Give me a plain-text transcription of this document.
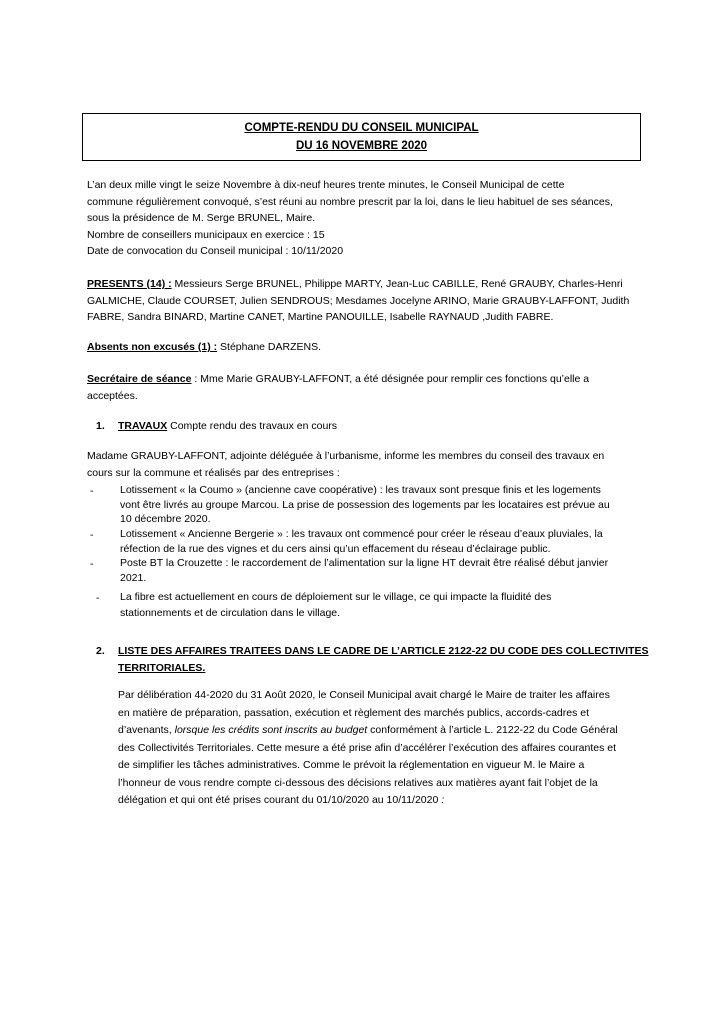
COMPTE-RENDU DU CONSEIL MUNICIPAL
DU 16 NOVEMBRE 2020
L’an deux mille vingt le seize Novembre à dix-neuf heures trente minutes, le Conseil Municipal de cette
commune régulièrement convoqué, s’est réuni au nombre prescrit par la loi, dans le lieu habituel de ses séances,
sous la présidence de M. Serge BRUNEL, Maire.
Nombre de conseillers municipaux en exercice : 15
Date de convocation du Conseil municipal : 10/11/2020
PRESENTS (14) : Messieurs Serge BRUNEL, Philippe MARTY, Jean-Luc CABILLE, René GRAUBY, Charles-Henri
GALMICHE, Claude COURSET, Julien SENDROUS; Mesdames Jocelyne ARINO, Marie GRAUBY-LAFFONT, Judith
FABRE, Sandra BINARD, Martine CANET, Martine PANOUILLE, Isabelle RAYNAUD ,Judith FABRE.
Absents non excusés (1) : Stéphane DARZENS.
Secrétaire de séance : Mme Marie GRAUBY-LAFFONT, a été désignée pour remplir ces fonctions qu’elle a
acceptées.
1. TRAVAUX Compte rendu des travaux en cours
Madame GRAUBY-LAFFONT, adjointe déléguée à l’urbanisme, informe les membres du conseil des travaux en
cours sur la commune et réalisés par des entreprises :
-	Lotissement « la Coumo » (ancienne cave coopérative) : les travaux sont presque finis et les logements
vont être livrés au groupe Marcou. La prise de possession des logements par les locataires est prévue au
10 décembre 2020.
-	Lotissement « Ancienne Bergerie » : les travaux ont commencé pour créer le réseau d’eaux pluviales, la
réfection de la rue des vignes et du cers ainsi qu’un effacement du réseau d’éclairage public.
-	Poste BT la Crouzette : le raccordement de l’alimentation sur la ligne HT devrait être réalisé début janvier
2021.
- La fibre est actuellement en cours de déploiement sur le village, ce qui impacte la fluidité des
stationnements et de circulation dans le village.
2. LISTE DES AFFAIRES TRAITEES DANS LE CADRE DE L’ARTICLE 2122-22 DU CODE DES COLLECTIVITES
TERRITORIALES.
Par délibération 44-2020 du 31 Août 2020, le Conseil Municipal avait chargé le Maire de traiter les affaires
en matière de préparation, passation, exécution et règlement des marchés publics, accords-cadres et
d’avenants, lorsque les crédits sont inscrits au budget conformément à l’article L. 2122-22 du Code Général
des Collectivités Territoriales. Cette mesure a été prise afin d’accélérer l’exécution des affaires courantes et
de simplifier les tâches administratives. Comme le prévoit la réglementation en vigueur M. le Maire a
l’honneur de vous rendre compte ci-dessous des décisions relatives aux matières ayant fait l’objet de la
délégation et qui ont été prises courant du 01/10/2020 au 10/11/2020 :
